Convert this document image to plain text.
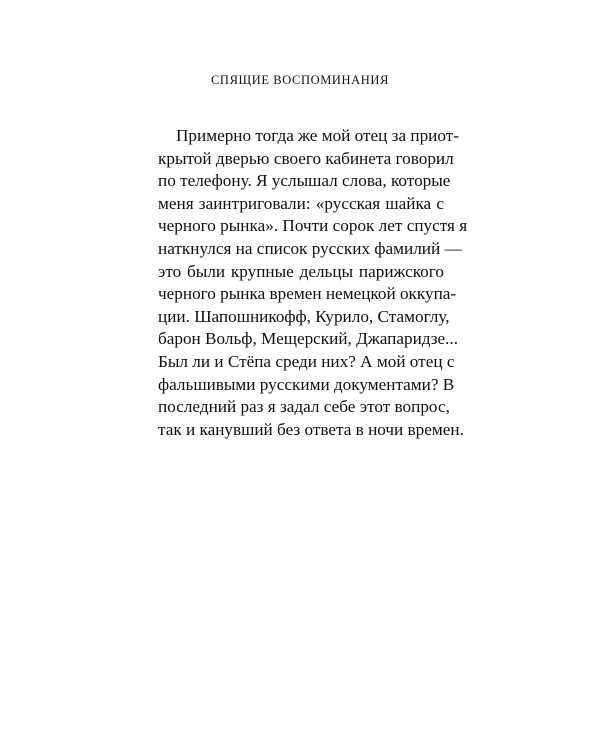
СПЯЩИЕ ВОСПОМИНАНИЯ
Примерно тогда же мой отец за приот-
крытой дверью своего кабинета говорил
по телефону. Я услышал слова, которые
меня заинтриговали: «русская шайка с
черного рынка». Почти сорок лет спустя я
наткнулся на список русских фамилий —
это были крупные дельцы парижского
черного рынка времен немецкой оккупа-
ции. Шапошникофф, Курило, Стамоглу,
барон Вольф, Мещерский, Джапаридзе...
Был ли и Стёпа среди них? А мой отец с
фальшивыми русскими документами? В
последний раз я задал себе этот вопрос,
так и канувший без ответа в ночи времен.
